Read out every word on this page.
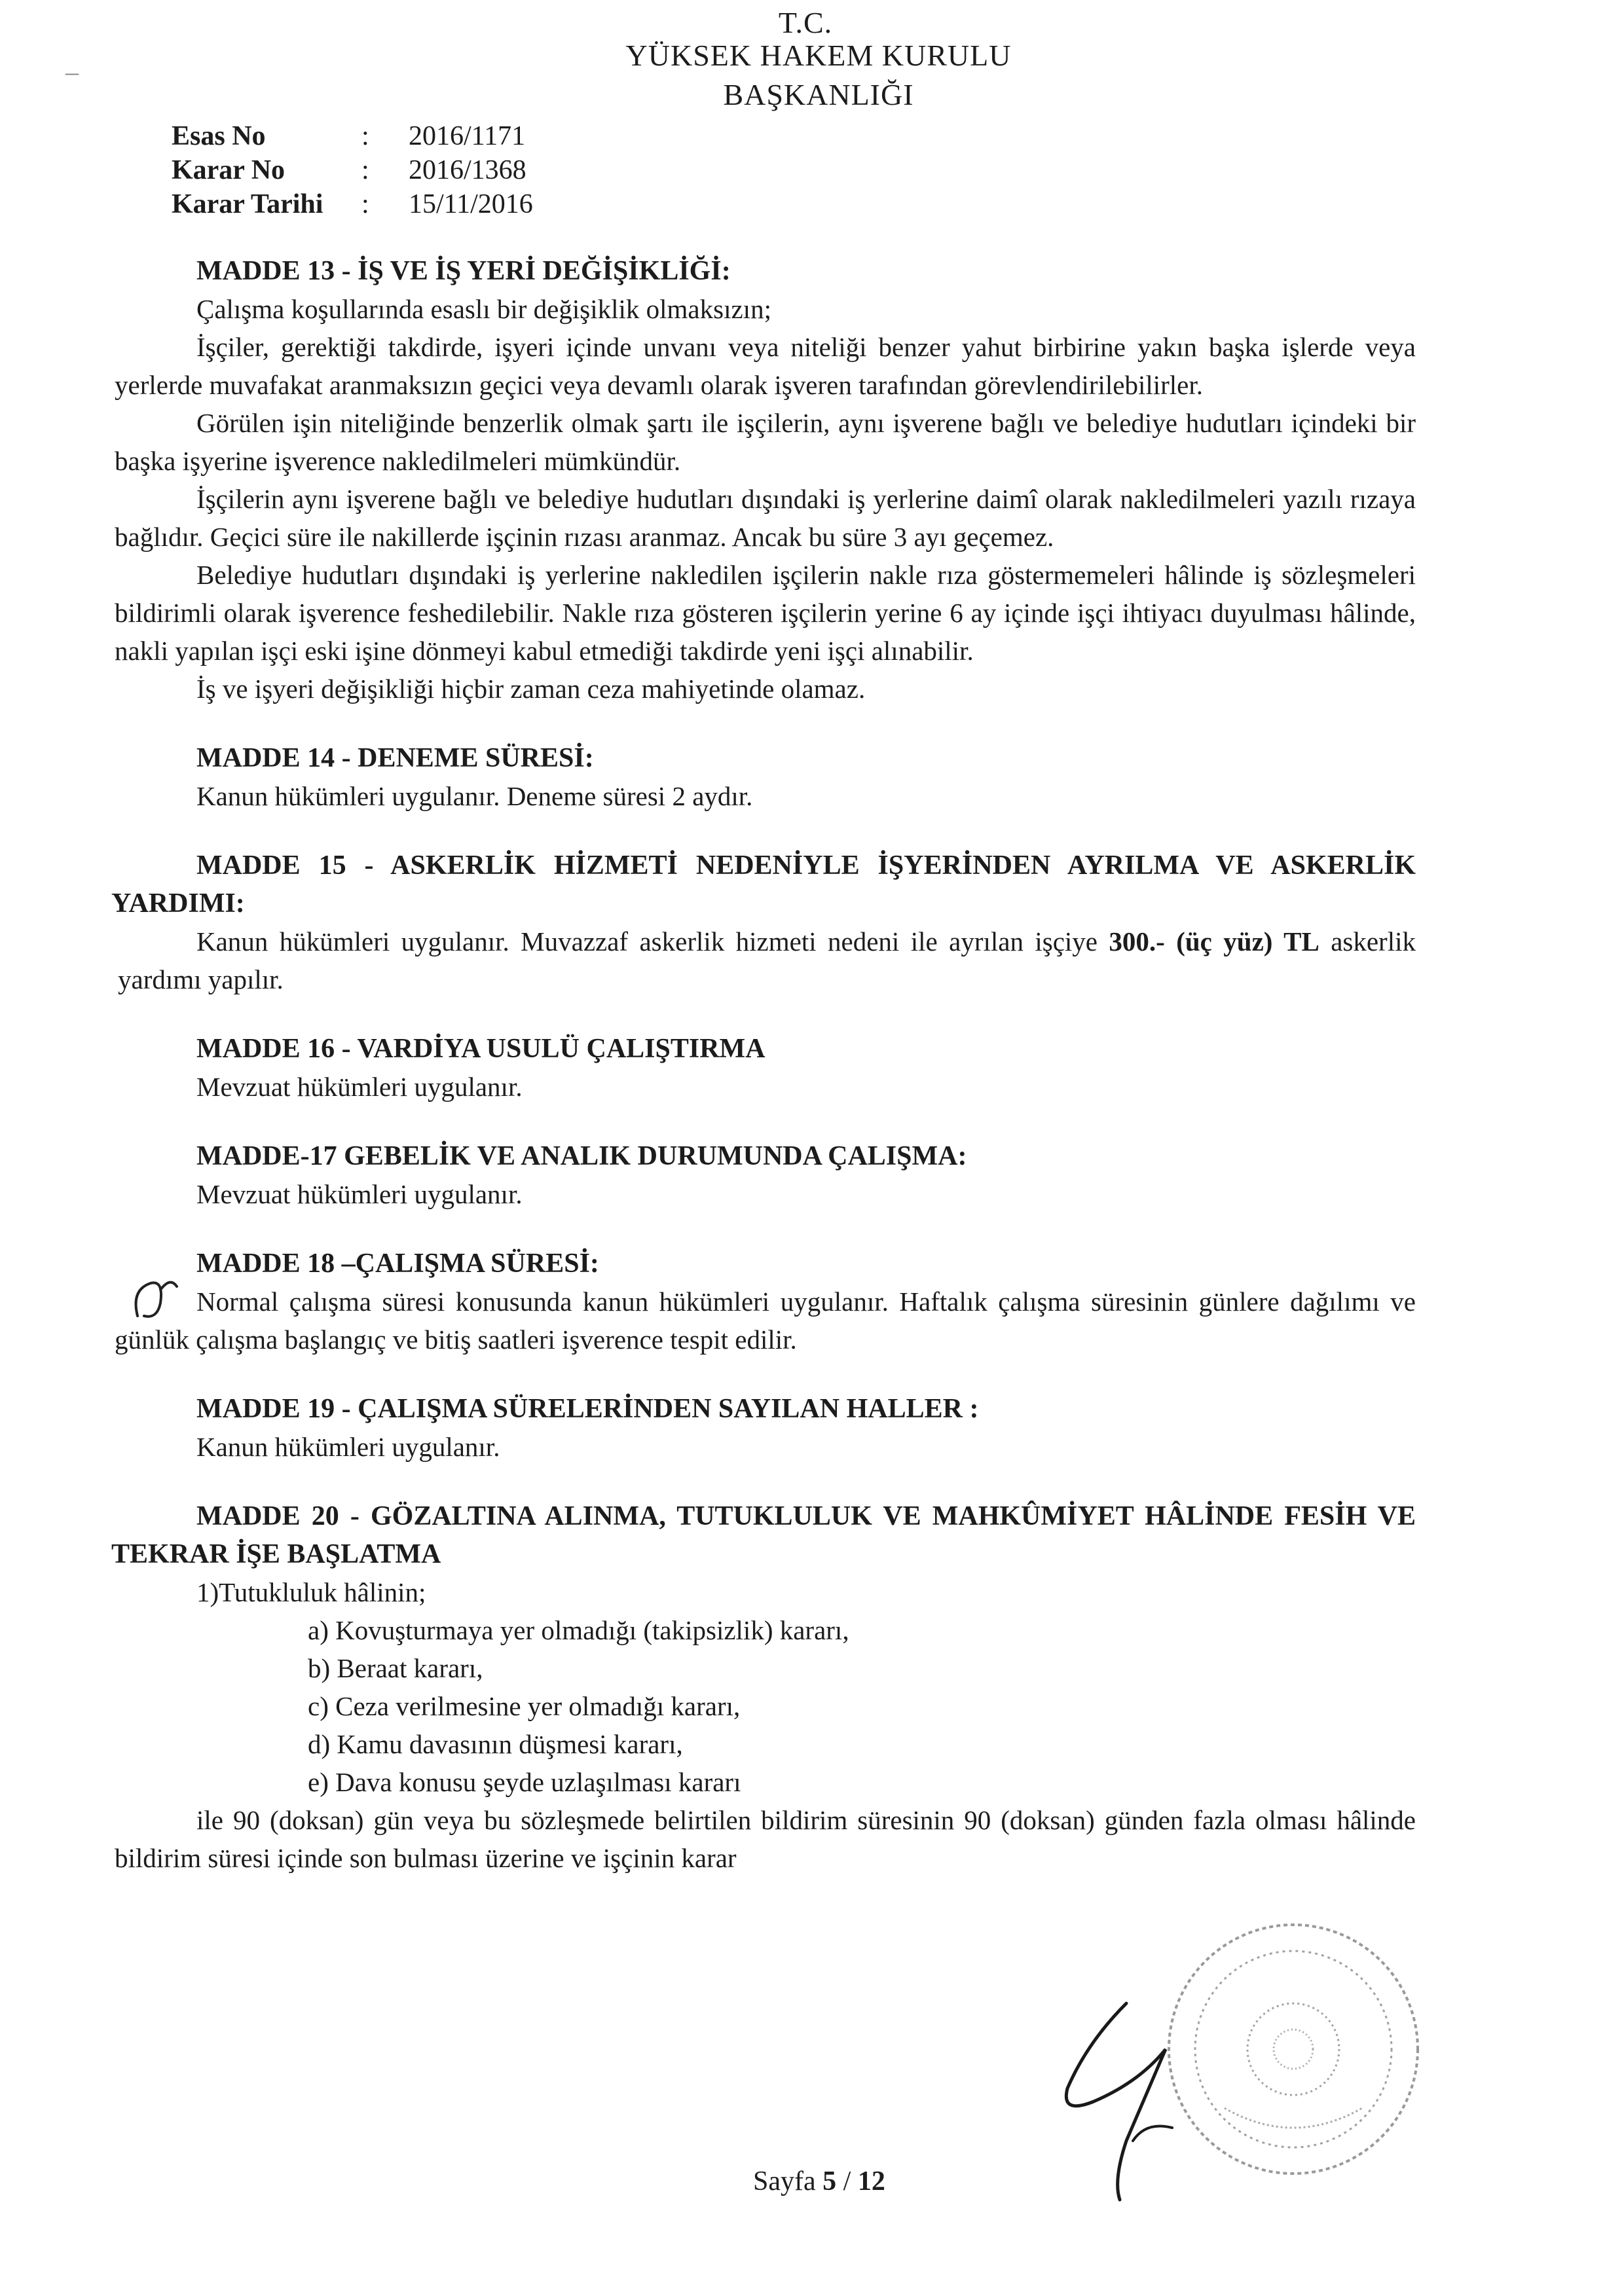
–
T.C.
YÜKSEK HAKEM KURULU
BAŞKANLIĞI
Esas No	:	2016/1171
Karar No	:	2016/1368
Karar Tarihi	:	15/11/2016
MADDE 13 - İŞ VE İŞ YERİ DEĞİŞİKLİĞİ:
Çalışma koşullarında esaslı bir değişiklik olmaksızın;
İşçiler, gerektiği takdirde, işyeri içinde unvanı veya niteliği benzer yahut birbirine yakın başka işlerde veya yerlerde muvafakat aranmaksızın geçici veya devamlı olarak işveren tarafından görevlendirilebilirler.
Görülen işin niteliğinde benzerlik olmak şartı ile işçilerin, aynı işverene bağlı ve belediye hudutları içindeki bir başka işyerine işverence nakledilmeleri mümkündür.
İşçilerin aynı işverene bağlı ve belediye hudutları dışındaki iş yerlerine daimî olarak nakledilmeleri yazılı rızaya bağlıdır. Geçici süre ile nakillerde işçinin rızası aranmaz. Ancak bu süre 3 ayı geçemez.
Belediye hudutları dışındaki iş yerlerine nakledilen işçilerin nakle rıza göstermemeleri hâlinde iş sözleşmeleri bildirimli olarak işverence feshedilebilir. Nakle rıza gösteren işçilerin yerine 6 ay içinde işçi ihtiyacı duyulması hâlinde, nakli yapılan işçi eski işine dönmeyi kabul etmediği takdirde yeni işçi alınabilir.
İş ve işyeri değişikliği hiçbir zaman ceza mahiyetinde olamaz.
MADDE 14 - DENEME SÜRESİ:
Kanun hükümleri uygulanır. Deneme süresi 2 aydır.
MADDE 15 - ASKERLİK HİZMETİ NEDENİYLE İŞYERİNDEN AYRILMA VE ASKERLİK YARDIMI:
Kanun hükümleri uygulanır. Muvazzaf askerlik hizmeti nedeni ile ayrılan işçiye 300.- (üç yüz) TL askerlik yardımı yapılır.
MADDE 16 - VARDİYA USULÜ ÇALIŞTIRMA
Mevzuat hükümleri uygulanır.
MADDE-17 GEBELİK VE ANALIK DURUMUNDA ÇALIŞMA:
Mevzuat hükümleri uygulanır.
MADDE 18 –ÇALIŞMA SÜRESİ:
Normal çalışma süresi konusunda kanun hükümleri uygulanır. Haftalık çalışma süresinin günlere dağılımı ve günlük çalışma başlangıç ve bitiş saatleri işverence tespit edilir.
MADDE 19 - ÇALIŞMA SÜRELERİNDEN SAYILAN HALLER :
Kanun hükümleri uygulanır.
MADDE 20 - GÖZALTINA ALINMA, TUTUKLULUK VE MAHKÛMİYET HÂLİNDE FESİH VE TEKRAR İŞE BAŞLATMA
1)Tutukluluk hâlinin;
a) Kovuşturmaya yer olmadığı (takipsizlik) kararı,
b) Beraat kararı,
c) Ceza verilmesine yer olmadığı kararı,
d) Kamu davasının düşmesi kararı,
e) Dava konusu şeyde uzlaşılması kararı
ile 90 (doksan) gün veya bu sözleşmede belirtilen bildirim süresinin 90 (doksan) günden fazla olması hâlinde bildirim süresi içinde son bulması üzerine ve işçinin karar
Sayfa 5 / 12
